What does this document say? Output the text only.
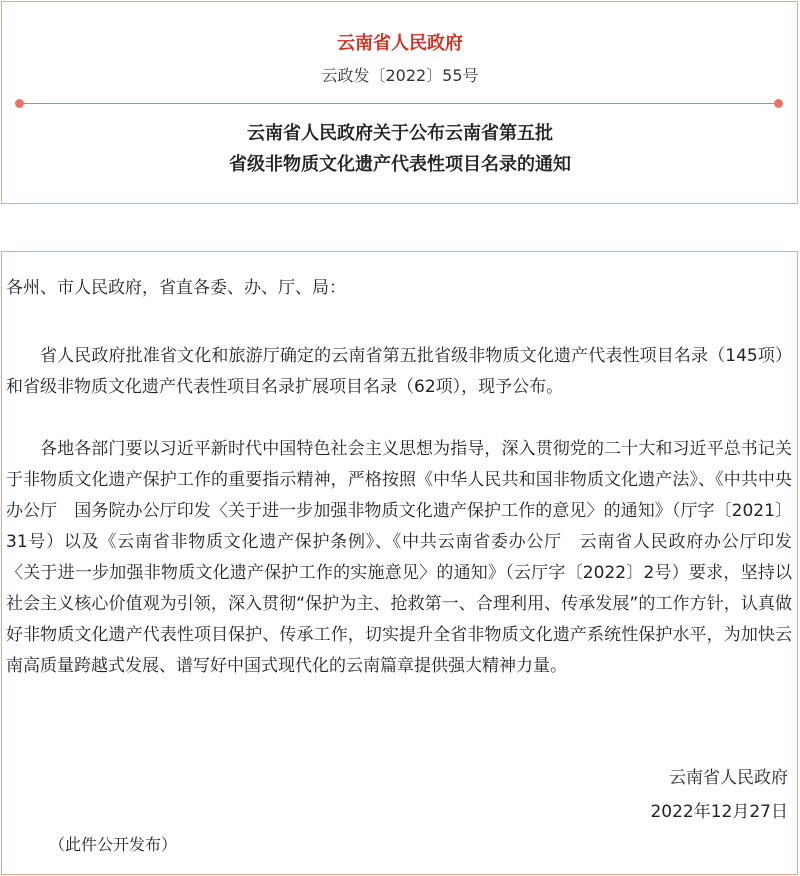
云南省人民政府
云政发〔2022〕55号
云南省人民政府关于公布云南省第五批
省级非物质文化遗产代表性项目名录的通知
各州、市人民政府，省直各委、办、厅、局：

省人民政府批准省文化和旅游厅确定的云南省第五批省级非物质文化遗产代表性项目名录（145项）和省级非物质文化遗产代表性项目名录扩展项目名录（62项），现予公布。

各地各部门要以习近平新时代中国特色社会主义思想为指导，深入贯彻党的二十大和习近平总书记关于非物质文化遗产保护工作的重要指示精神，严格按照《中华人民共和国非物质文化遗产法》、《中共中央办公厅　国务院办公厅印发〈关于进一步加强非物质文化遗产保护工作的意见〉的通知》（厅字〔2021〕31号）以及《云南省非物质文化遗产保护条例》、《中共云南省委办公厅　云南省人民政府办公厅印发〈关于进一步加强非物质文化遗产保护工作的实施意见〉的通知》（云厅字〔2022〕2号）要求，坚持以社会主义核心价值观为引领，深入贯彻“保护为主、抢救第一、合理利用、传承发展”的工作方针，认真做好非物质文化遗产代表性项目保护、传承工作，切实提升全省非物质文化遗产系统性保护水平，为加快云南高质量跨越式发展、谱写好中国式现代化的云南篇章提供强大精神力量。

云南省人民政府
2022年12月27日
（此件公开发布）
